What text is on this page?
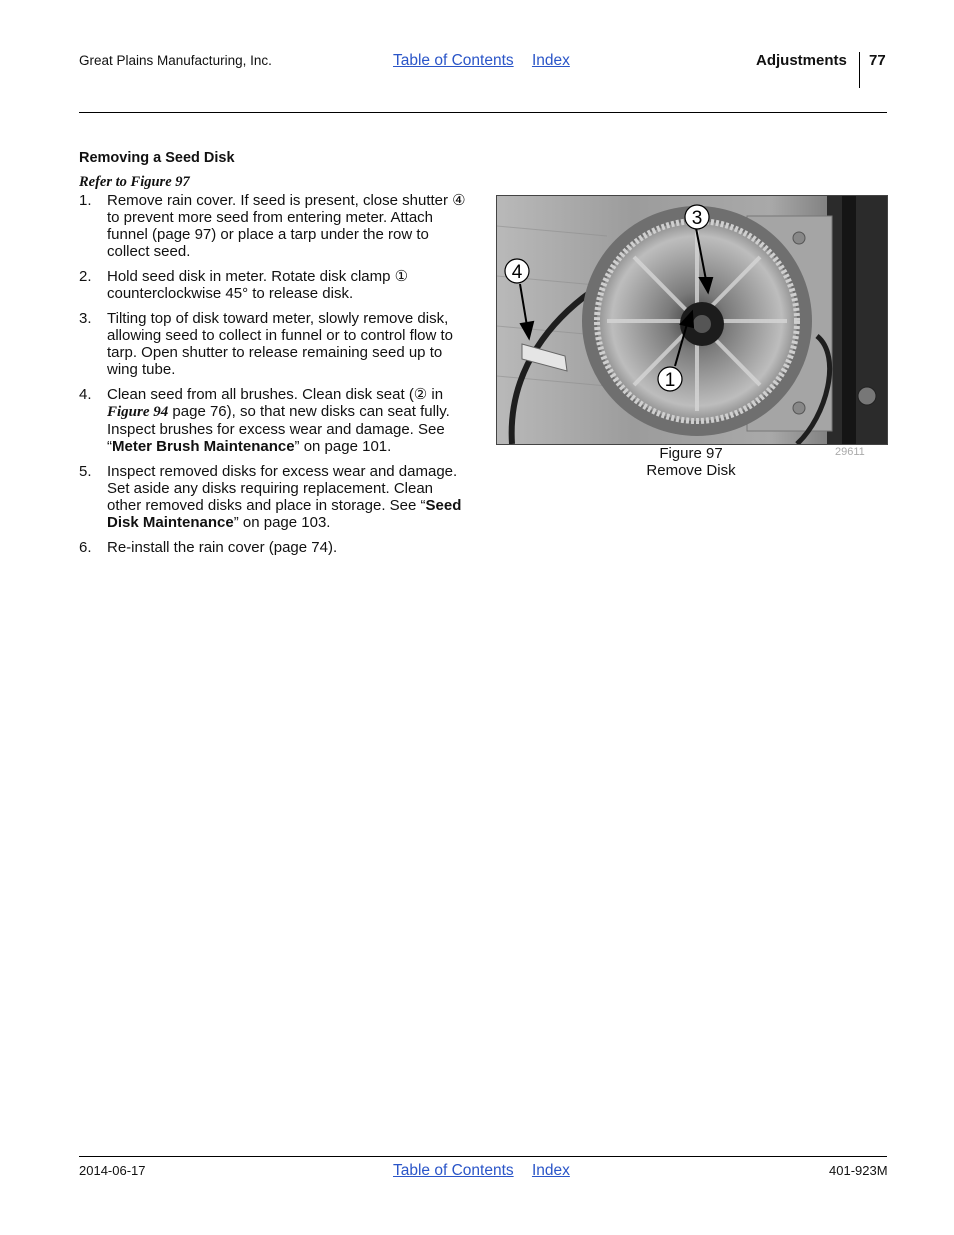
Great Plains Manufacturing, Inc.	Table of Contents Index	Adjustments 77
Removing a Seed Disk
Refer to Figure 97
1. Remove rain cover. If seed is present, close shutter ④ to prevent more seed from entering meter. Attach funnel (page 97) or place a tarp under the row to collect seed.
2. Hold seed disk in meter. Rotate disk clamp ① counterclockwise 45° to release disk.
3. Tilting top of disk toward meter, slowly remove disk, allowing seed to collect in funnel or to control flow to tarp. Open shutter to release remaining seed up to wing tube.
4. Clean seed from all brushes. Clean disk seat (② in Figure 94 page 76), so that new disks can seat fully. Inspect brushes for excess wear and damage. See “Meter Brush Maintenance” on page 101.
5. Inspect removed disks for excess wear and damage. Set aside any disks requiring replacement. Clean other removed disks and place in storage. See “Seed Disk Maintenance” on page 103.
6. Re-install the rain cover (page 74).
3
4
1
29611
Figure 97
Remove Disk
2014-06-17	Table of Contents Index	401-923M
